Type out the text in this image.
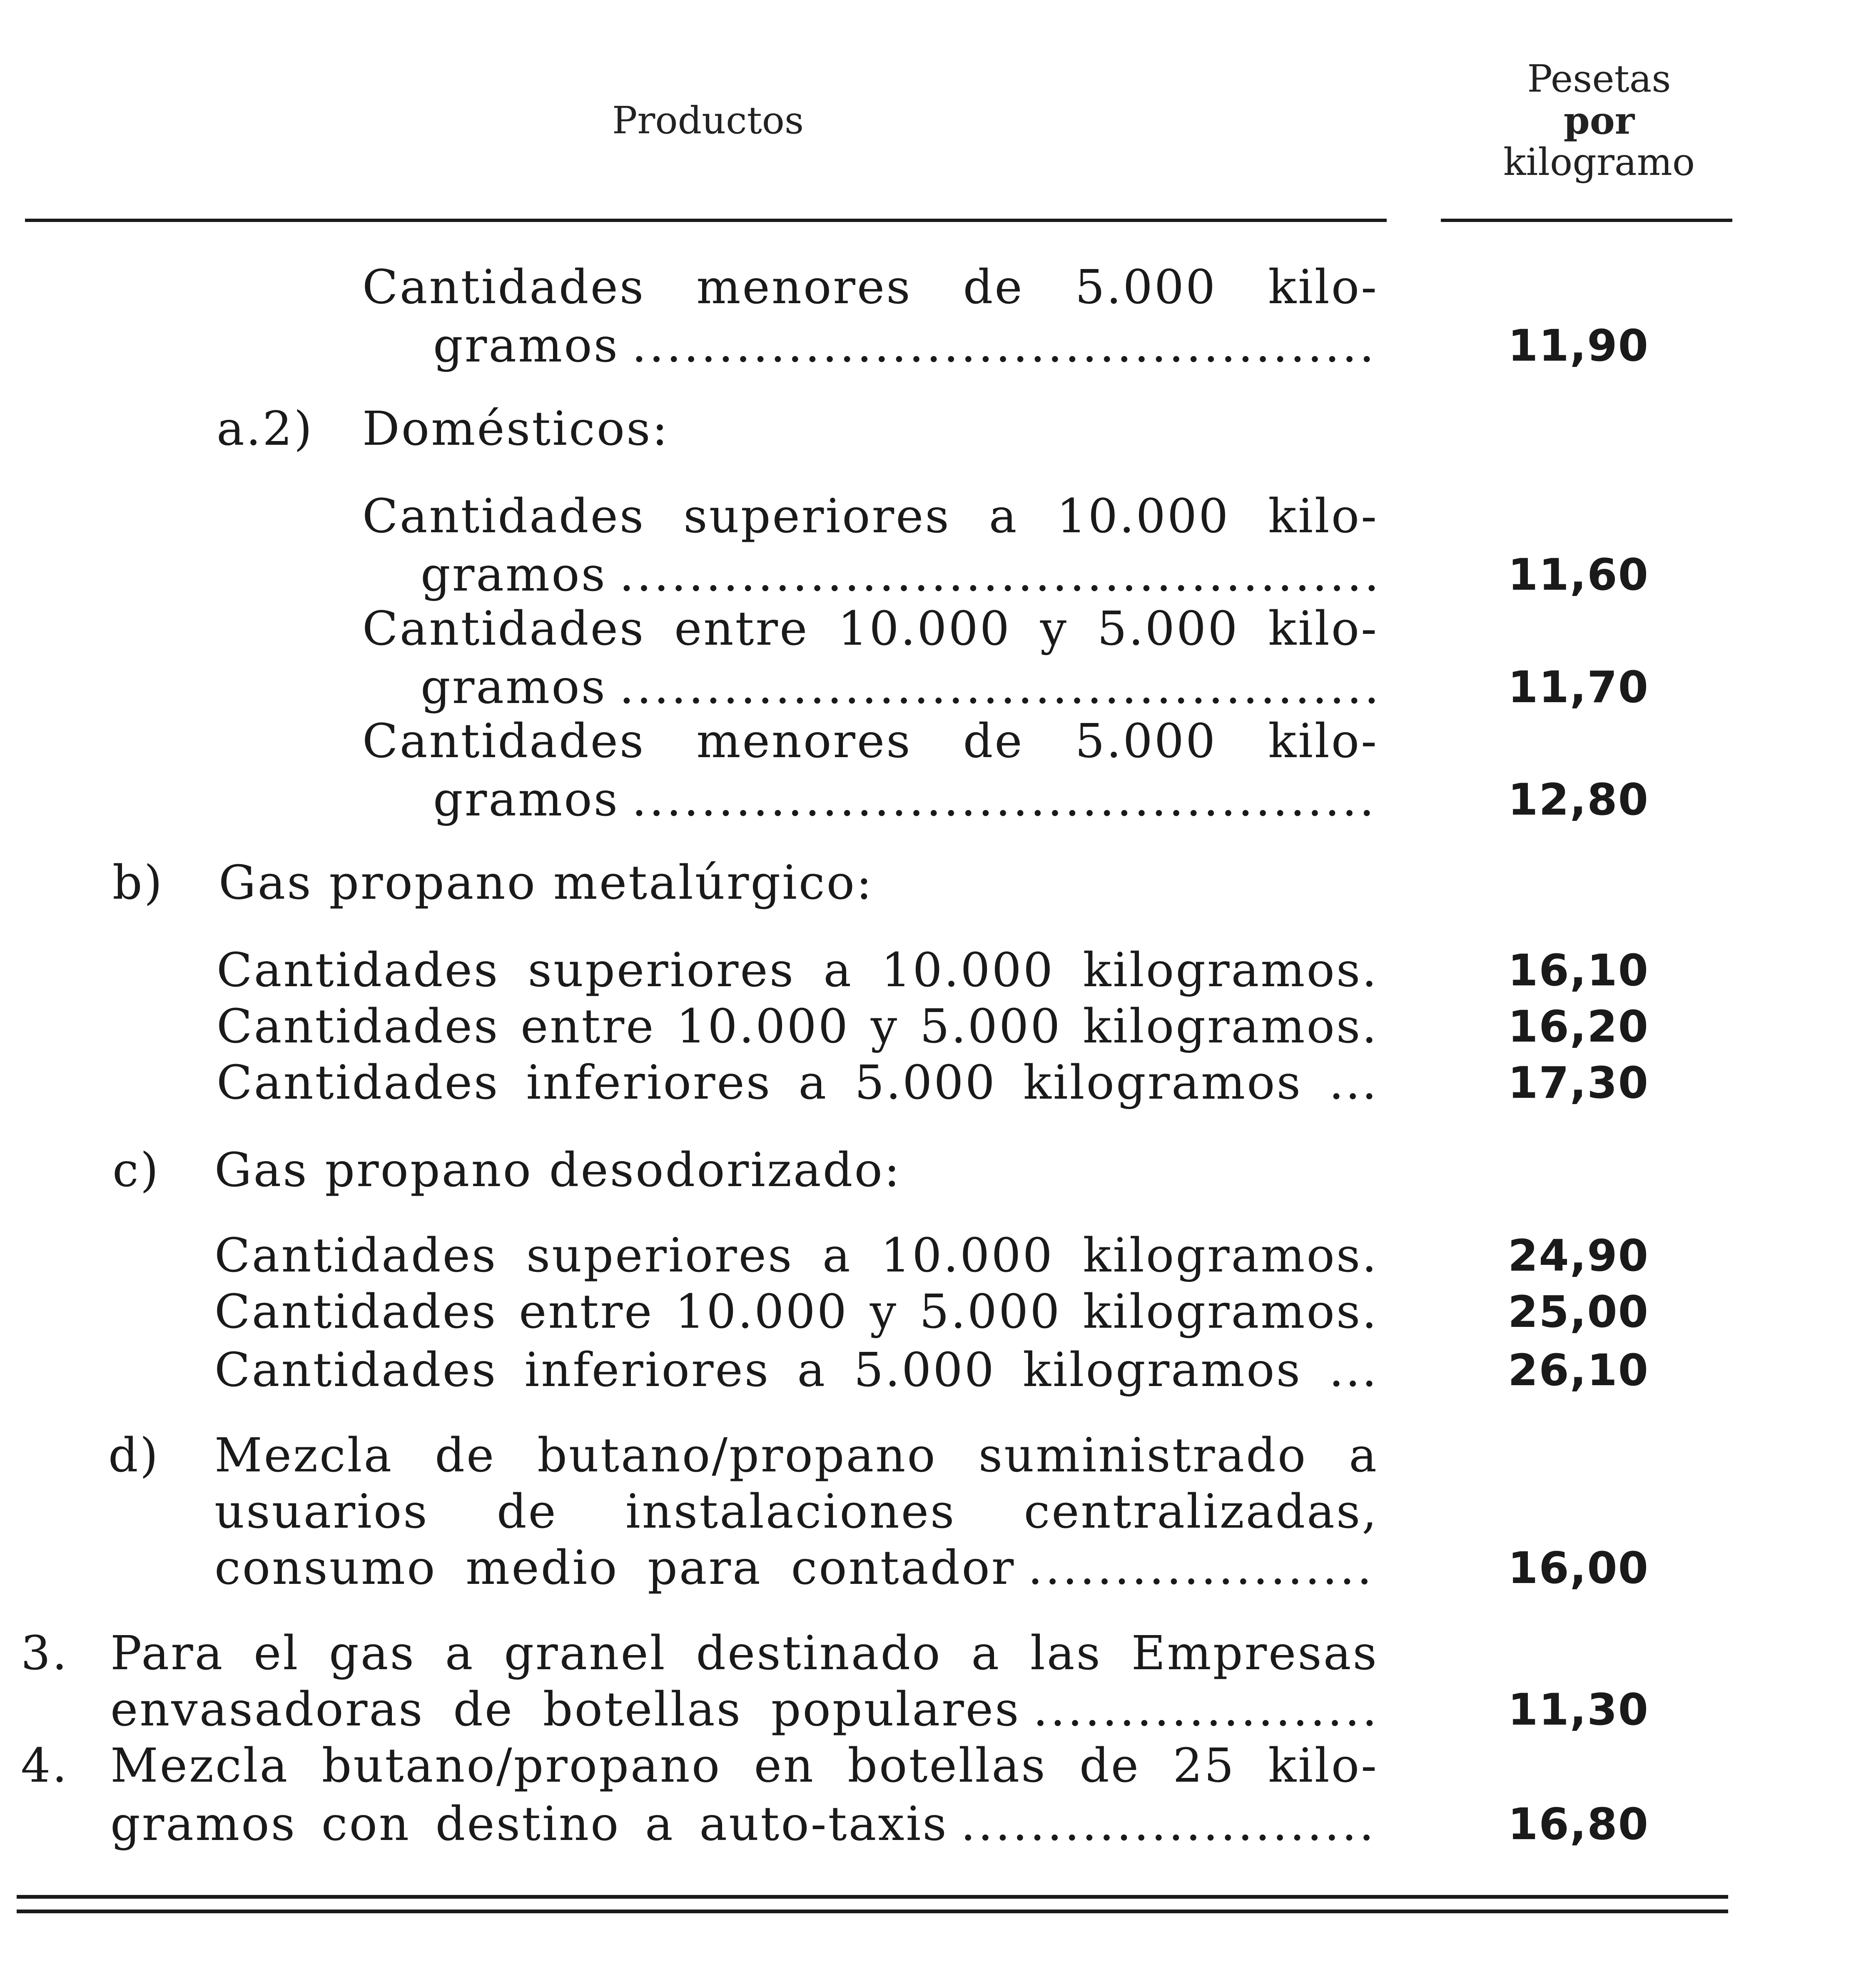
Productos
Pesetas
por
kilogramo
Cantidades menores de 5.000 kilo-
gramos .....	11,90
a.2)	Domésticos:
Cantidades superiores a 10.000 kilo-
gramos .....	11,60
Cantidades entre 10.000 y 5.000 kilo-
gramos .....	11,70
Cantidades menores de 5.000 kilo-
gramos .....	12,80
b)	Gas propano metalúrgico:
Cantidades superiores a 10.000 kilogramos.	16,10
Cantidades entre 10.000 y 5.000 kilogramos.	16,20
Cantidades inferiores a 5.000 kilogramos ...	17,30
c)	Gas propano desodorizado:
Cantidades superiores a 10.000 kilogramos.	24,90
Cantidades entre 10.000 y 5.000 kilogramos.	25,00
Cantidades inferiores a 5.000 kilogramos ...	26,10
d)	Mezcla de butano/propano suministrado a
usuarios de instalaciones centralizadas,
consumo medio para contador .....	16,00
3. Para el gas a granel destinado a las Empresas
envasadoras de botellas populares .....	11,30
4. Mezcla butano/propano en botellas de 25 kilo-
gramos con destino a auto-taxis .....	16,80
